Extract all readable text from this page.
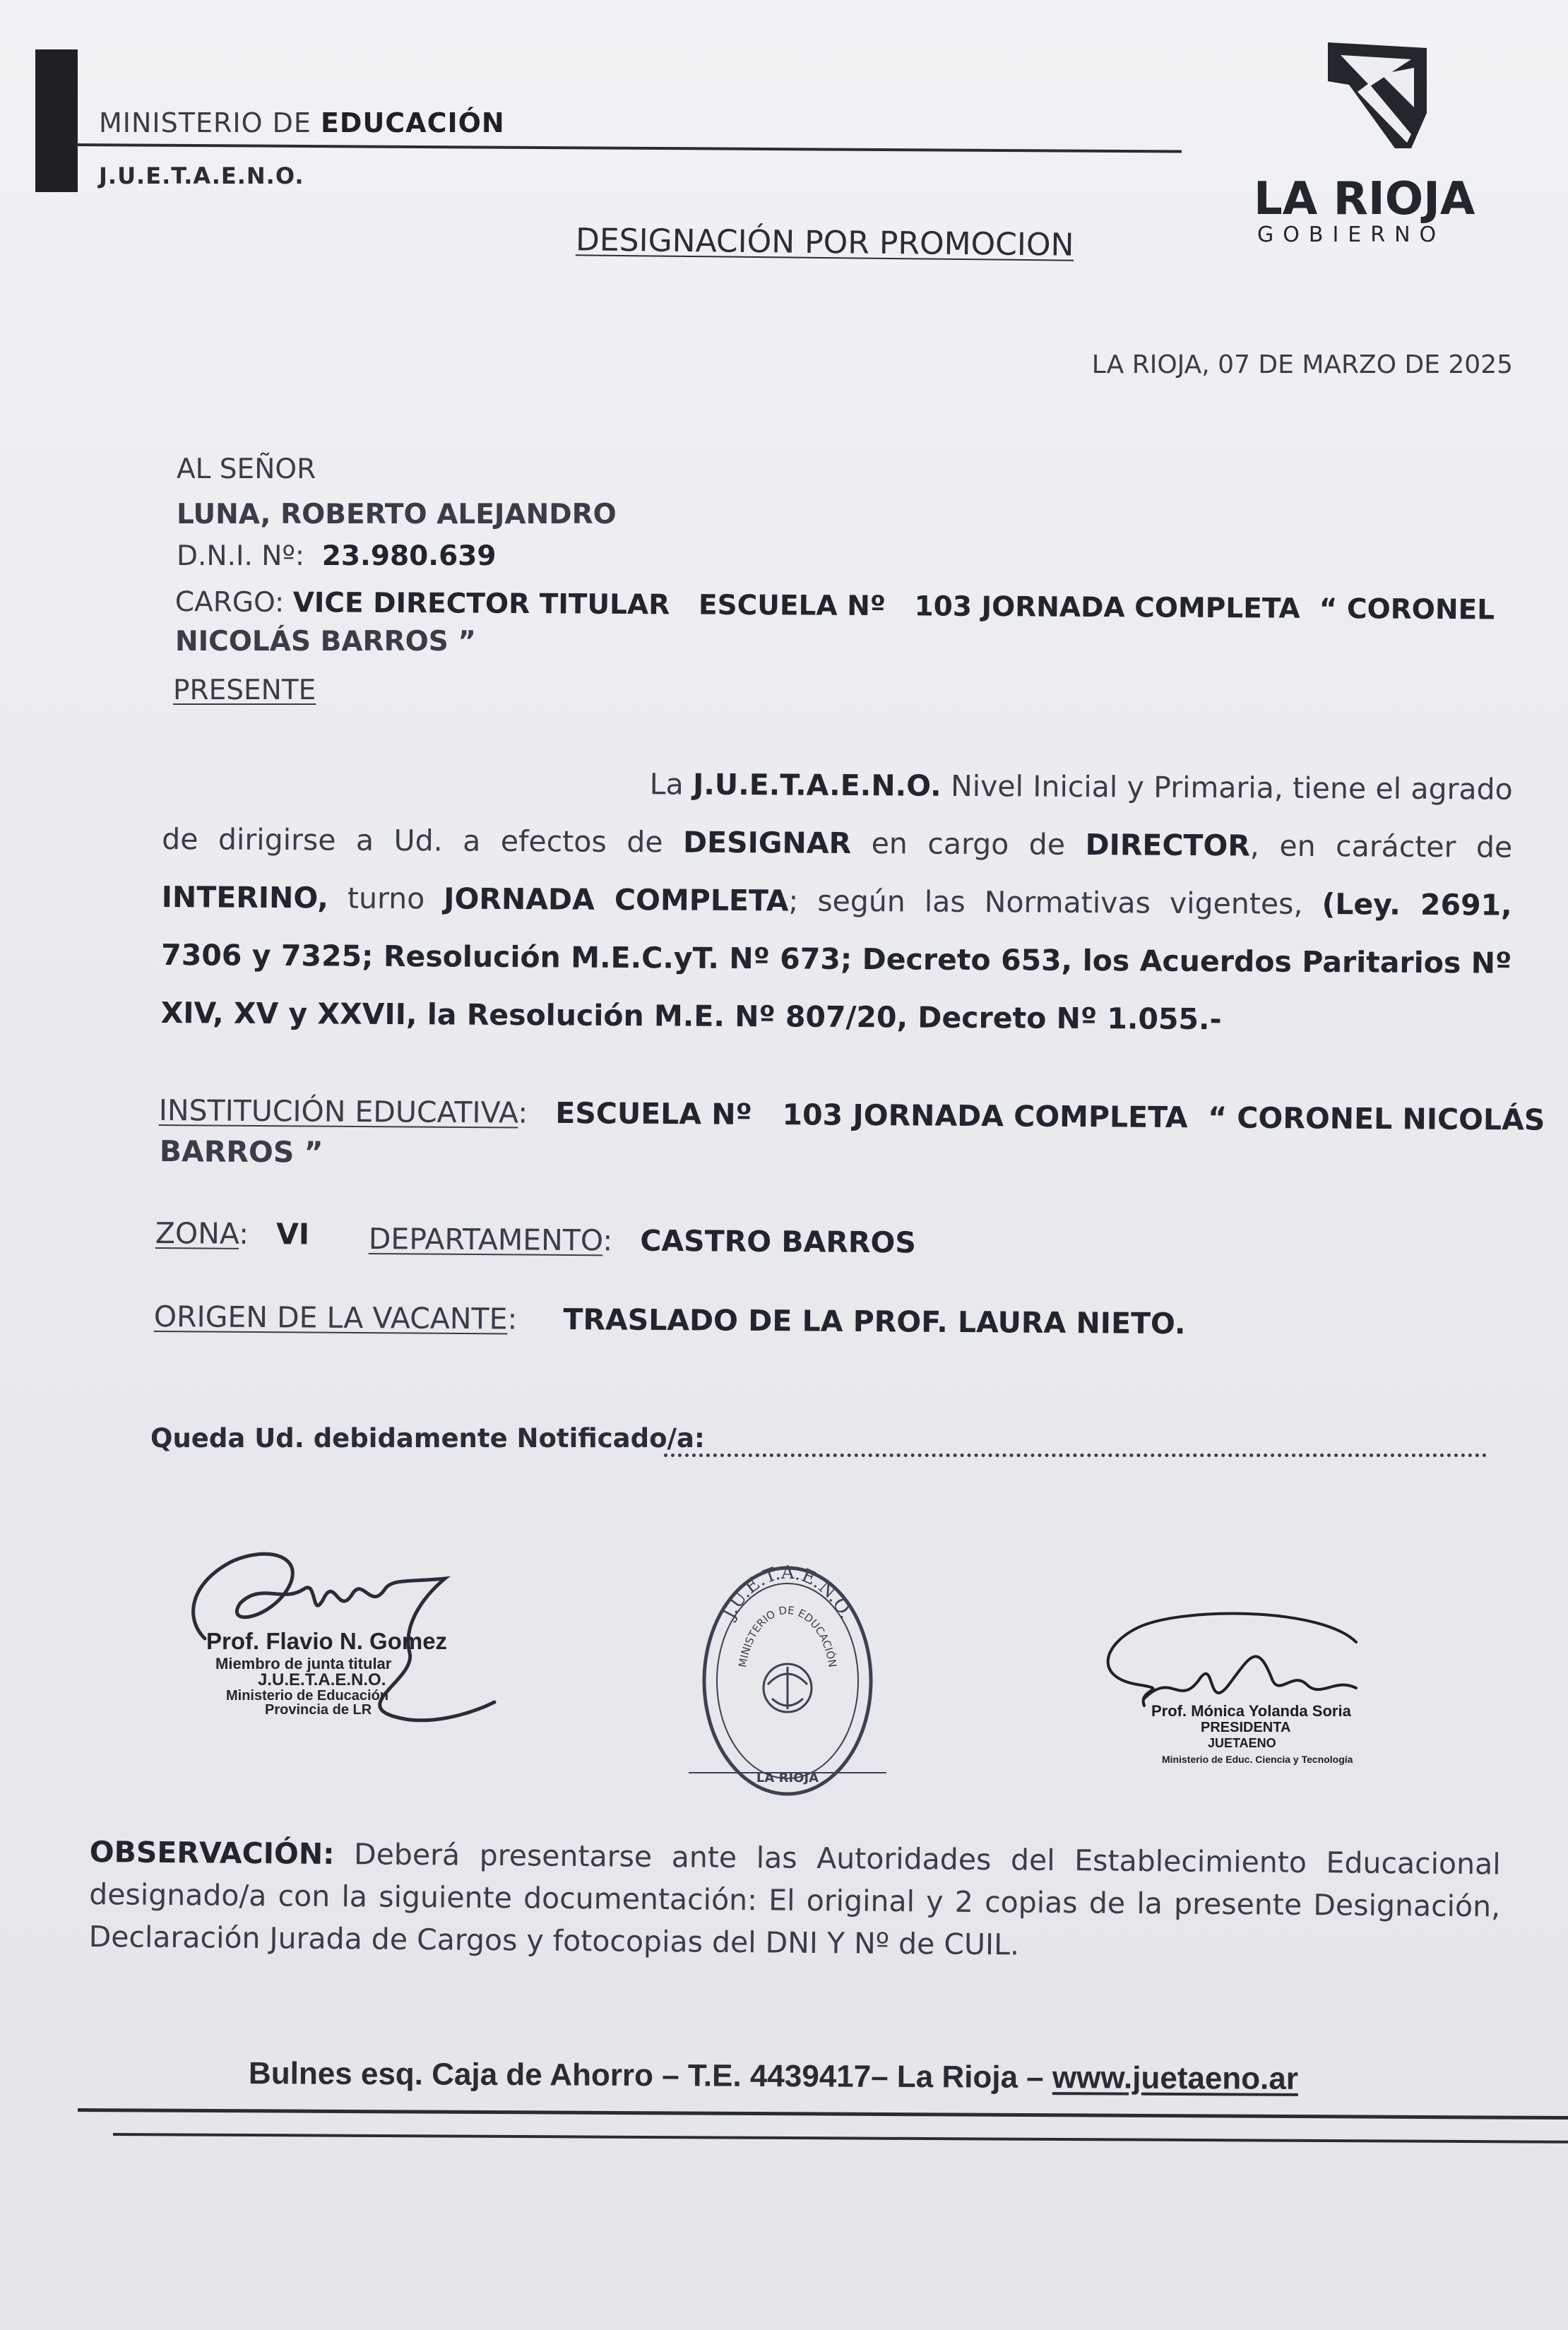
MINISTERIO DE EDUCACIÓN
J.U.E.T.A.E.N.O.	LA RIOJA
GOBIERNO
DESIGNACIÓN POR PROMOCION
LA RIOJA, 07 DE MARZO DE 2025
AL SEÑOR
LUNA, ROBERTO ALEJANDRO
D.N.I. Nº: 23.980.639
CARGO: VICE DIRECTOR TITULAR   ESCUELA Nº   103 JORNADA COMPLETA  “ CORONEL
NICOLÁS BARROS ”
PRESENTE
La J.U.E.T.A.E.N.O. Nivel Inicial y Primaria, tiene el agrado de dirigirse a Ud. a efectos de DESIGNAR en cargo de DIRECTOR, en carácter de INTERINO, turno JORNADA COMPLETA; según las Normativas vigentes, (Ley. 2691, 7306 y 7325; Resolución M.E.C.yT. Nº 673; Decreto 653, los Acuerdos Paritarios Nº XIV, XV y XXVII, la Resolución M.E. Nº 807/20, Decreto Nº 1.055.-
INSTITUCIÓN EDUCATIVA:   ESCUELA Nº   103 JORNADA COMPLETA  “ CORONEL NICOLÁS
BARROS ”
ZONA:   VI DEPARTAMENTO:   CASTRO BARROS
ORIGEN DE LA VACANTE:     TRASLADO DE LA PROF. LAURA NIETO.
Queda Ud. debidamente Notificado/a:
Prof. Flavio N. Gomez
Miembro de junta titular
J.U.E.T.A.E.N.O.
Ministerio de Educación
Provincia de LR
J.U.E.T.A.E.N.O.
MINISTERIO DE EDUCACIÓN
LA RIOJA
Prof. Mónica Yolanda Soria
PRESIDENTA
JUETAENO
Ministerio de Educ. Ciencia y Tecnología
OBSERVACIÓN: Deberá presentarse ante las Autoridades del Establecimiento Educacional designado/a con la siguiente documentación: El original y 2 copias de la presente Designación, Declaración Jurada de Cargos y fotocopias del DNI Y Nº de CUIL.
Bulnes esq. Caja de Ahorro – T.E. 4439417– La Rioja – www.juetaeno.ar
